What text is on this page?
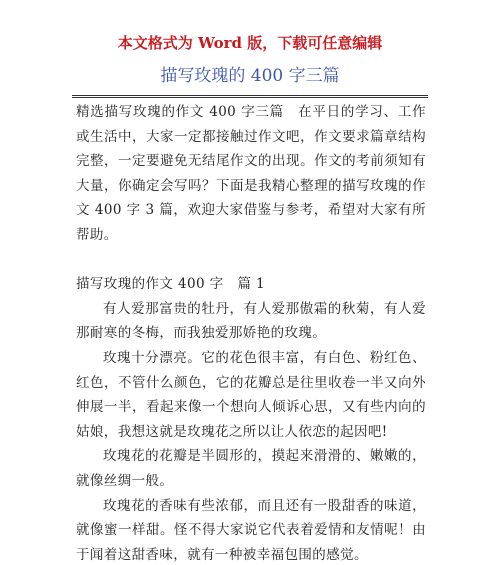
本文格式为 Word 版，下载可任意编辑

描写玫瑰的 400 字三篇

精选描写玫瑰的作文 400 字三篇　在平日的学习、工作或生活中，大家一定都接触过作文吧，作文要求篇章结构完整，一定要避免无结尾作文的出现。作文的考前须知有大量，你确定会写吗？下面是我精心整理的描写玫瑰的作文 400 字 3 篇，欢迎大家借鉴与参考，希望对大家有所帮助。

描写玫瑰的作文 400 字　篇 1

有人爱那富贵的牡丹，有人爱那傲霜的秋菊，有人爱那耐寒的冬梅，而我独爱那娇艳的玫瑰。

玫瑰十分漂亮。它的花色很丰富，有白色、粉红色、红色，不管什么颜色，它的花瓣总是往里收卷一半又向外伸展一半，看起来像一个想向人倾诉心思，又有些内向的姑娘，我想这就是玫瑰花之所以让人依恋的起因吧!

玫瑰花的花瓣是半圆形的，摸起来滑滑的、嫩嫩的，就像丝绸一般。

玫瑰花的香味有些浓郁，而且还有一股甜香的味道，就像蜜一样甜。怪不得大家说它代表着爱情和友情呢！由于闻着这甜香味，就有一种被幸福包围的感觉。
